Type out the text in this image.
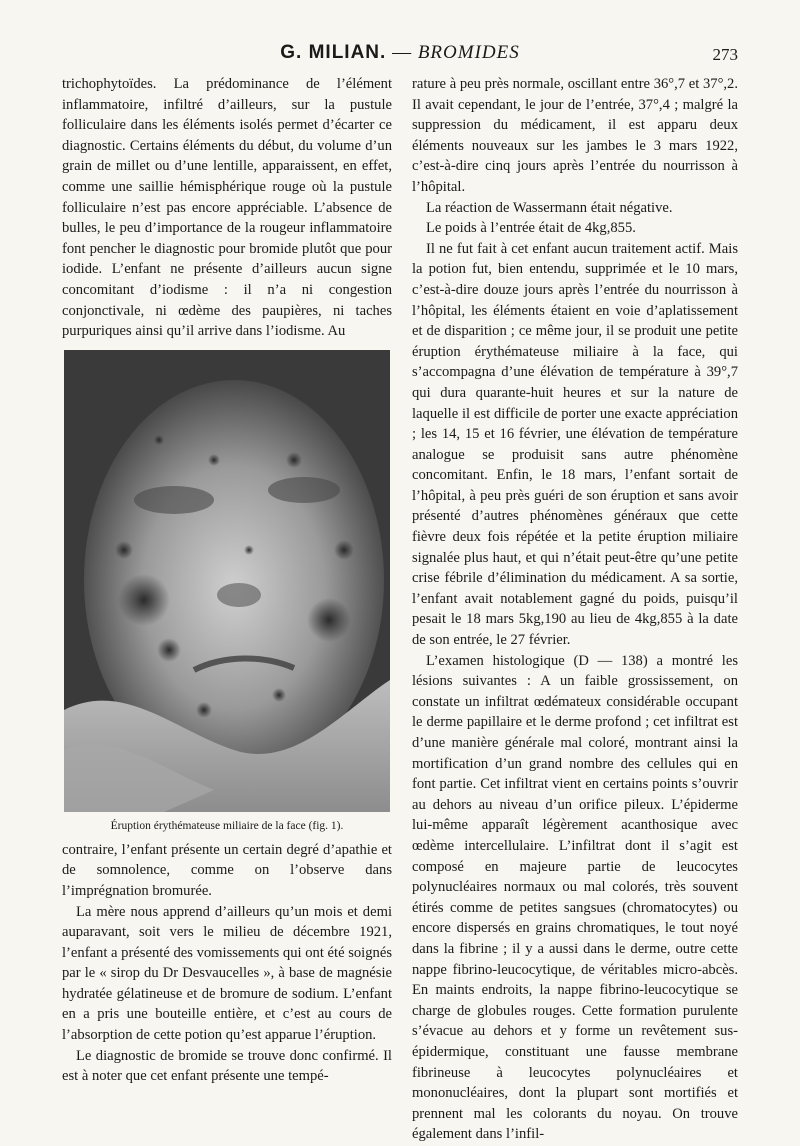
G. MILIAN. — BROMIDES	273

trichophytoïdes. La prédominance de l’élément inflammatoire, infiltré d’ailleurs, sur la pustule folliculaire dans les éléments isolés permet d’écarter ce diagnostic. Certains éléments du début, du volume d’un grain de millet ou d’une lentille, apparaissent, en effet, comme une saillie hémisphérique rouge où la pustule folliculaire n’est pas encore appréciable. L’absence de bulles, le peu d’importance de la rougeur inflammatoire font pencher le diagnostic pour bromide plutôt que pour iodide. L’enfant ne présente d’ailleurs aucun signe concomitant d’iodisme : il n’a ni congestion conjonctivale, ni œdème des paupières, ni taches purpuriques ainsi qu’il arrive dans l’iodisme. Au

Éruption érythémateuse miliaire de la face (fig. 1).

contraire, l’enfant présente un certain degré d’apathie et de somnolence, comme on l’observe dans l’imprégnation bromurée.

La mère nous apprend d’ailleurs qu’un mois et demi auparavant, soit vers le milieu de décembre 1921, l’enfant a présenté des vomissements qui ont été soignés par le « sirop du Dr Desvaucelles », à base de magnésie hydratée gélatineuse et de bromure de sodium. L’enfant en a pris une bouteille entière, et c’est au cours de l’absorption de cette potion qu’est apparue l’éruption.

Le diagnostic de bromide se trouve donc confirmé. Il est à noter que cet enfant présente une tempé-

rature à peu près normale, oscillant entre 36°,7 et 37°,2. Il avait cependant, le jour de l’entrée, 37°,4 ; malgré la suppression du médicament, il est apparu deux éléments nouveaux sur les jambes le 3 mars 1922, c’est-à-dire cinq jours après l’entrée du nourrisson à l’hôpital.

La réaction de Wassermann était négative.

Le poids à l’entrée était de 4kg,855.

Il ne fut fait à cet enfant aucun traitement actif. Mais la potion fut, bien entendu, supprimée et le 10 mars, c’est-à-dire douze jours après l’entrée du nourrisson à l’hôpital, les éléments étaient en voie d’aplatissement et de disparition ; ce même jour, il se produit une petite éruption érythémateuse miliaire à la face, qui s’accompagna d’une élévation de température à 39°,7 qui dura quarante-huit heures et sur la nature de laquelle il est difficile de porter une exacte appréciation ; les 14, 15 et 16 février, une élévation de température analogue se produisit sans autre phénomène concomitant. Enfin, le 18 mars, l’enfant sortait de l’hôpital, à peu près guéri de son éruption et sans avoir présenté d’autres phénomènes généraux que cette fièvre deux fois répétée et la petite éruption miliaire signalée plus haut, et qui n’était peut-être qu’une petite crise fébrile d’élimination du médicament. A sa sortie, l’enfant avait notablement gagné du poids, puisqu’il pesait le 18 mars 5kg,190 au lieu de 4kg,855 à la date de son entrée, le 27 février.

L’examen histologique (D — 138) a montré les lésions suivantes : A un faible grossissement, on constate un infiltrat œdémateux considérable occupant le derme papillaire et le derme profond ; cet infiltrat est d’une manière générale mal coloré, montrant ainsi la mortification d’un grand nombre des cellules qui en font partie. Cet infiltrat vient en certains points s’ouvrir au dehors au niveau d’un orifice pileux. L’épiderme lui-même apparaît légèrement acanthosique avec œdème intercellulaire. L’infiltrat dont il s’agit est composé en majeure partie de leucocytes polynucléaires normaux ou mal colorés, très souvent étirés comme de petites sangsues (chromatocytes) ou encore dispersés en grains chromatiques, le tout noyé dans la fibrine ; il y a aussi dans le derme, outre cette nappe fibrino-leucocytique, de véritables micro-abcès. En maints endroits, la nappe fibrino-leucocytique se charge de globules rouges. Cette formation purulente s’évacue au dehors et y forme un revêtement sus-épidermique, constituant une fausse membrane fibrineuse à leucocytes polynucléaires et mononucléaires, dont la plupart sont mortifiés et prennent mal les colorants du noyau. On trouve également dans l’infil-
